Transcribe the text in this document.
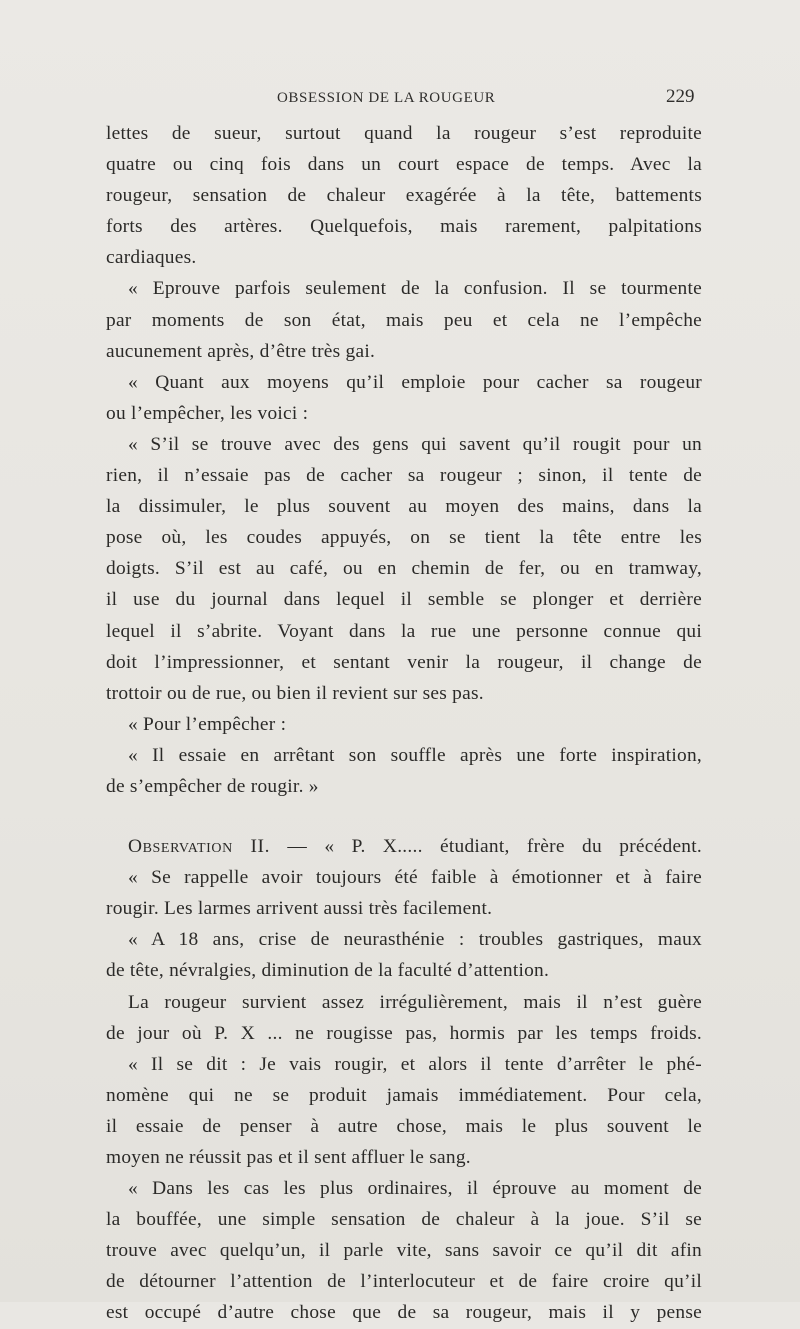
OBSESSION DE LA ROUGEUR	229
lettes de sueur, surtout quand la rougeur s’est reproduite
quatre ou cinq fois dans un court espace de temps. Avec la
rougeur, sensation de chaleur exagérée à la tête, battements
forts des artères. Quelquefois, mais rarement, palpitations
cardiaques.
« Eprouve parfois seulement de la confusion. Il se tourmente
par moments de son état, mais peu et cela ne l’empêche
aucunement après, d’être très gai.
« Quant aux moyens qu’il emploie pour cacher sa rougeur
ou l’empêcher, les voici :
« S’il se trouve avec des gens qui savent qu’il rougit pour un
rien, il n’essaie pas de cacher sa rougeur ; sinon, il tente de
la dissimuler, le plus souvent au moyen des mains, dans la
pose où, les coudes appuyés, on se tient la tête entre les
doigts. S’il est au café, ou en chemin de fer, ou en tramway,
il use du journal dans lequel il semble se plonger et derrière
lequel il s’abrite. Voyant dans la rue une personne connue qui
doit l’impressionner, et sentant venir la rougeur, il change de
trottoir ou de rue, ou bien il revient sur ses pas.
« Pour l’empêcher :
« Il essaie en arrêtant son souffle après une forte inspiration,
de s’empêcher de rougir. »
Observation II. — « P. X..... étudiant, frère du précédent.
« Se rappelle avoir toujours été faible à émotionner et à faire
rougir. Les larmes arrivent aussi très facilement.
« A 18 ans, crise de neurasthénie : troubles gastriques, maux
de tête, névralgies, diminution de la faculté d’attention.
La rougeur survient assez irrégulièrement, mais il n’est guère
de jour où P. X ... ne rougisse pas, hormis par les temps froids.
« Il se dit : Je vais rougir, et alors il tente d’arrêter le phé-
nomène qui ne se produit jamais immédiatement. Pour cela,
il essaie de penser à autre chose, mais le plus souvent le
moyen ne réussit pas et il sent affluer le sang.
« Dans les cas les plus ordinaires, il éprouve au moment de
la bouffée, une simple sensation de chaleur à la joue. S’il se
trouve avec quelqu’un, il parle vite, sans savoir ce qu’il dit afin
de détourner l’attention de l’interlocuteur et de faire croire qu’il
est occupé d’autre chose que de sa rougeur, mais il y pense
